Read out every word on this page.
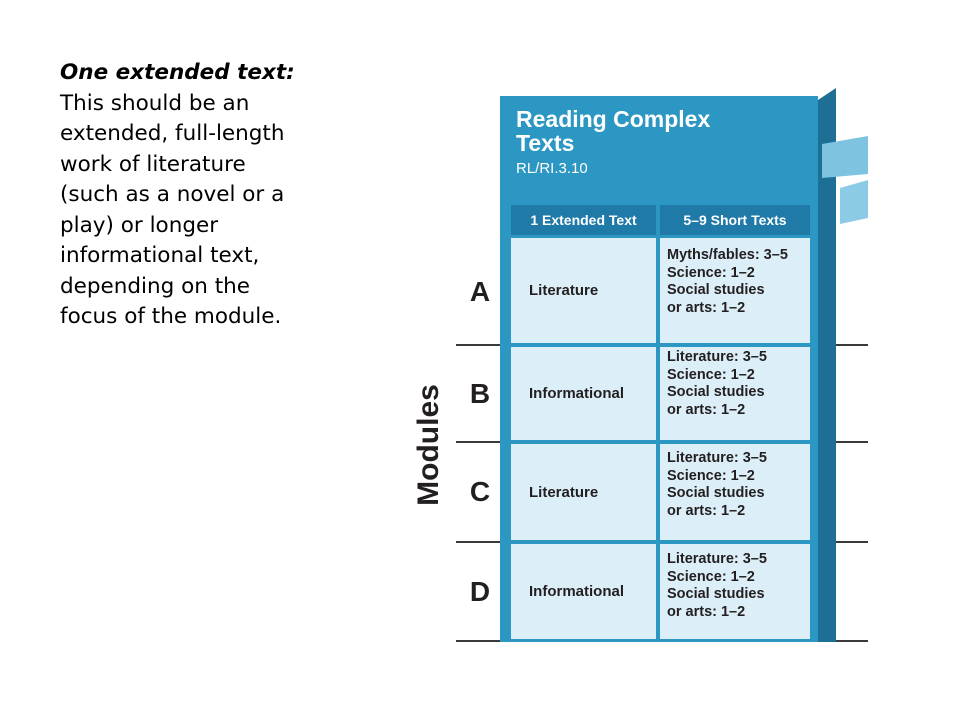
One extended text:
This should be an
extended, full-length
work of literature
(such as a novel or a
play) or longer
informational text,
depending on the
focus of the module.
Modules
A
B
C
D
Reading Complex
Texts
RL/RI.3.10
1 Extended Text	5–9 Short Texts
Literature
Myths/fables: 3–5
Science: 1–2
Social studies
or arts: 1–2
Informational
Literature: 3–5
Science: 1–2
Social studies
or arts: 1–2
Literature
Literature: 3–5
Science: 1–2
Social studies
or arts: 1–2
Informational
Literature: 3–5
Science: 1–2
Social studies
or arts: 1–2
